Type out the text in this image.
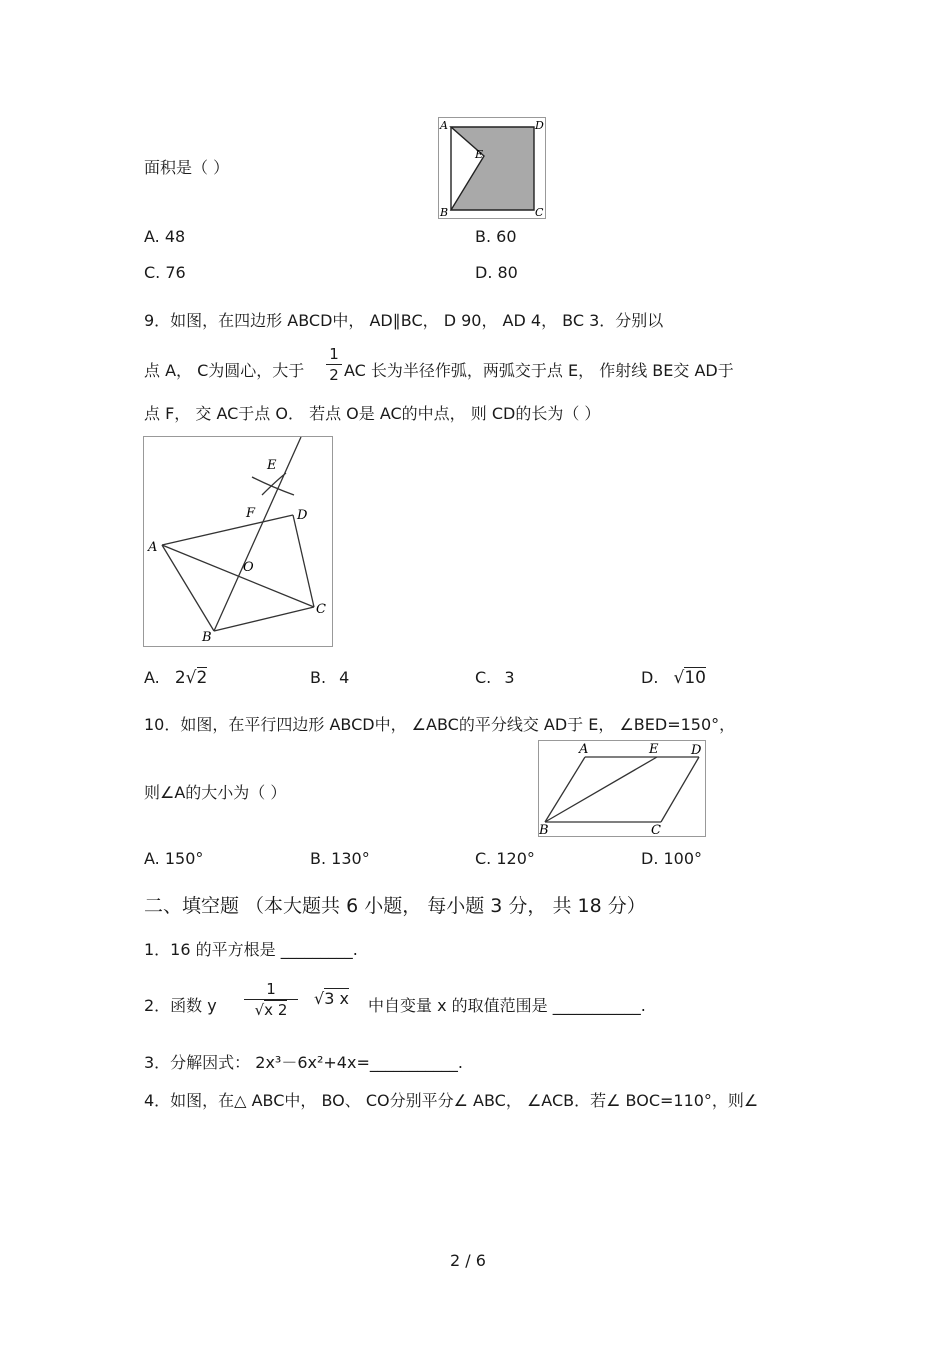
面积是（ ）
A	D
B	C
E
A. 48	B. 60
C. 76	D. 80
9．如图，在四边形 ABCD中， AD∥BC， D 90， AD 4， BC 3．分别以
点 A， C为圆心，大于
1
2 AC 长为半径作弧，两弧交于点 E， 作射线 BE交 AD于
点 F， 交 AC于点 O． 若点 O是 AC的中点， 则 CD的长为（ ）
E
F	D
A
O
C
B
A. 2√2	B. 4	C. 3	D. √10
10．如图，在平行四边形 ABCD中， ∠ABC的平分线交 AD于 E， ∠BED=150°，
则∠A的大小为（ ）
A	E	D
B	C
A. 150°	B. 130°	C. 120°	D. 100°
二、填空题 （本大题共 6 小题， 每小题 3 分， 共 18 分）
1．16 的平方根是 _________.
2．函数 y
1
√x 2
√3 x 中自变量 x 的取值范围是 ___________.
3．分解因式： 2x³－6x²+4x=___________.
4．如图，在△ ABC中， BO、 CO分别平分∠ ABC， ∠ACB．若∠ BOC=110°，则∠
2 / 6
